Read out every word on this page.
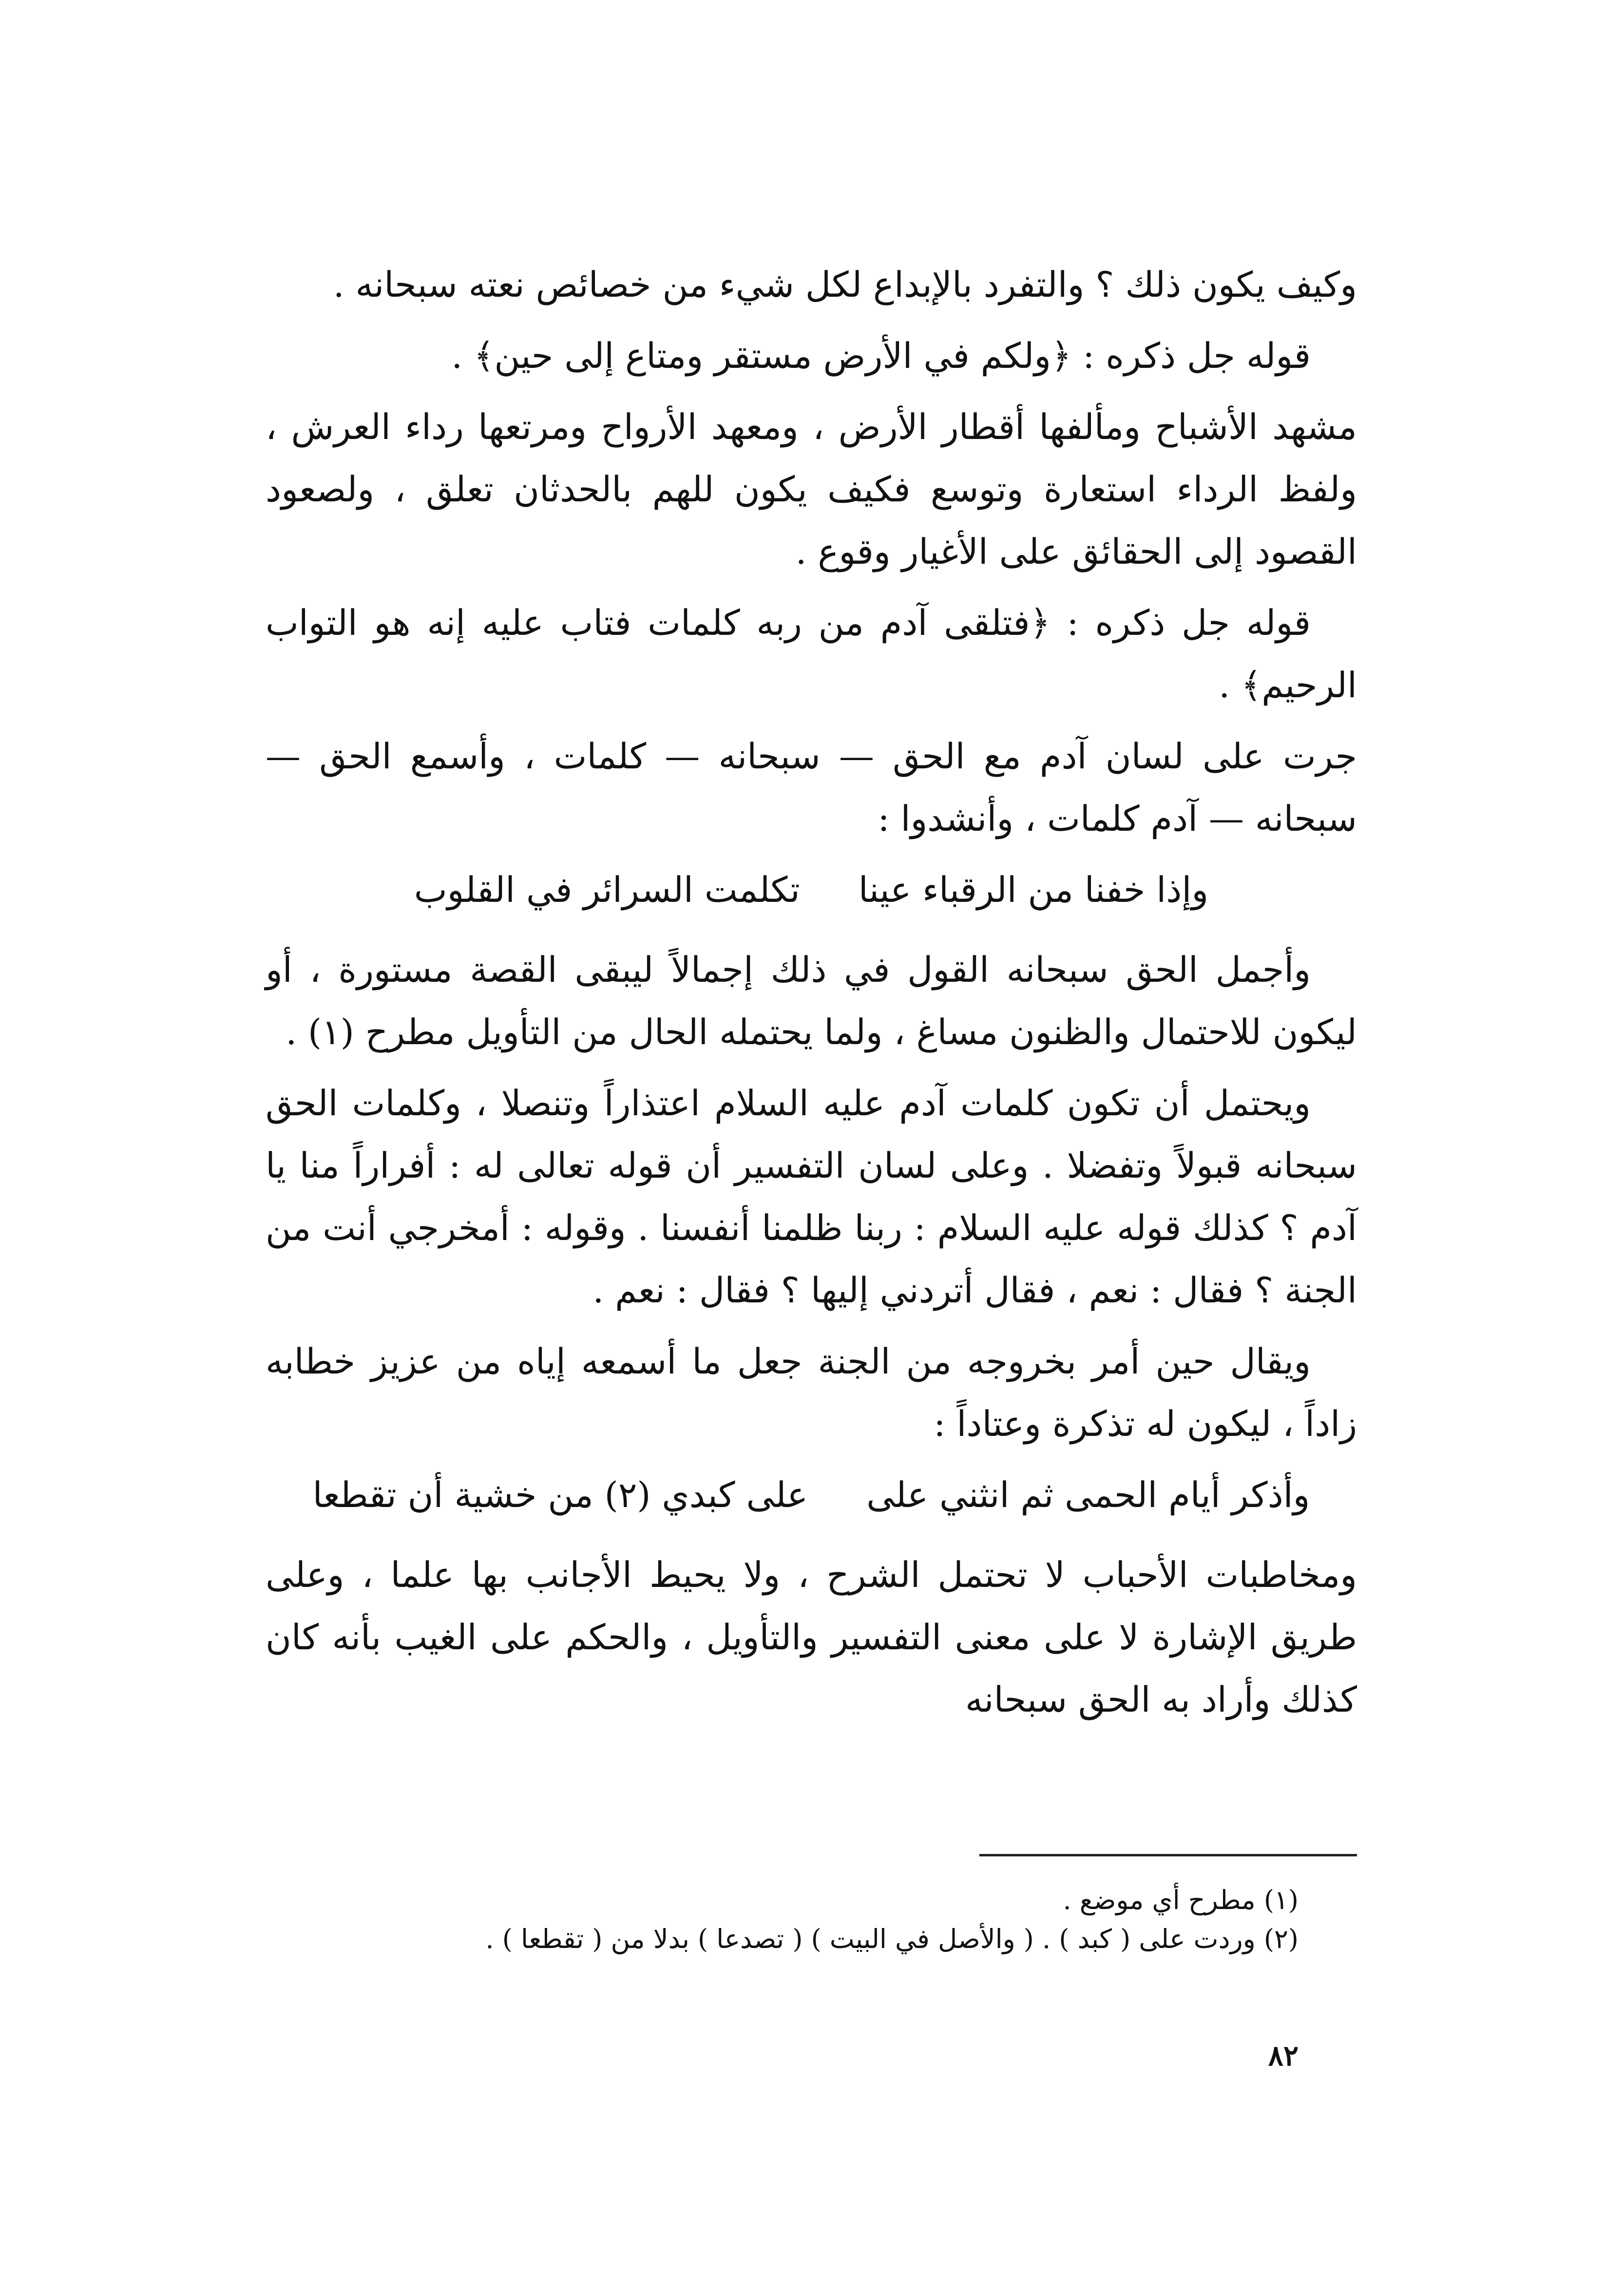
وكيف يكون ذلك ؟ والتفرد بالإبداع لكل شيء من خصائص نعته سبحانه .

قوله جل ذكره : ﴿ولكم في الأرض مستقر ومتاع إلى حين﴾ .

مشهد الأشباح ومألفها أقطار الأرض ، ومعهد الأرواح ومرتعها رداء العرش ، ولفظ الرداء استعارة وتوسع فكيف يكون للهم بالحدثان تعلق ، ولصعود القصود إلى الحقائق على الأغيار وقوع .

قوله جل ذكره : ﴿فتلقى آدم من ربه كلمات فتاب عليه إنه هو التواب الرحيم﴾ .

جرت على لسان آدم مع الحق — سبحانه — كلمات ، وأسمع الحق — سبحانه — آدم كلمات ، وأنشدوا :

وإذا خفنا من الرقباء عينا
تكلمت السرائر في القلوب

وأجمل الحق سبحانه القول في ذلك إجمالاً ليبقى القصة مستورة ، أو ليكون للاحتمال والظنون مساغ ، ولما يحتمله الحال من التأويل مطرح (١) .

ويحتمل أن تكون كلمات آدم عليه السلام اعتذاراً وتنصلا ، وكلمات الحق سبحانه قبولاً وتفضلا . وعلى لسان التفسير أن قوله تعالى له : أفراراً منا يا آدم ؟ كذلك قوله عليه السلام : ربنا ظلمنا أنفسنا . وقوله : أمخرجي أنت من الجنة ؟ فقال : نعم ، فقال أتردني إليها ؟ فقال : نعم .

ويقال حين أمر بخروجه من الجنة جعل ما أسمعه إياه من عزيز خطابه زاداً ، ليكون له تذكرة وعتاداً :

وأذكر أيام الحمى ثم انثني على
على كبدي (٢) من خشية أن تقطعا

ومخاطبات الأحباب لا تحتمل الشرح ، ولا يحيط الأجانب بها علما ، وعلى طريق الإشارة لا على معنى التفسير والتأويل ، والحكم على الغيب بأنه كان كذلك وأراد به الحق سبحانه

(١) مطرح أي موضع .
(٢) وردت على ( كبد ) . ( والأصل في البيت ) ( تصدعا ) بدلا من ( تقطعا ) .
٨٢
